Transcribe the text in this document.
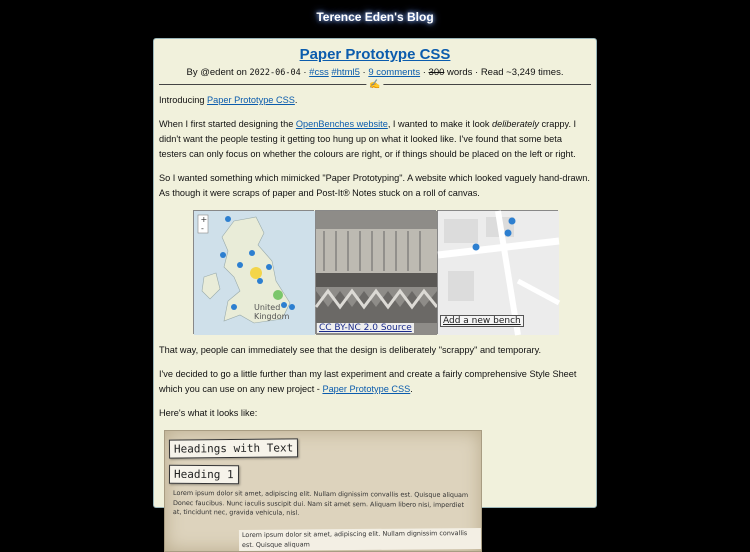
Terence Eden's Blog
Paper Prototype CSS
By @edent on 2022-06-04 · #css #html5 · 9 comments · 300 words · Read ~3,249 times.
✍

Introducing Paper Prototype CSS.

When I first started designing the OpenBenches website, I wanted to make it look deliberately crappy. I didn't want the people testing it getting too hung up on what it looked like. I've found that some beta testers can only focus on whether the colours are right, or if things should be placed on the left or right.

So I wanted something which mimicked "Paper Prototyping". A website which looked vaguely hand-drawn. As though it were scraps of paper and Post-It® Notes stuck on a roll of canvas.

+
-
United Kingdom
CC BY-NC 2.0 Source
Add a new bench

That way, people can immediately see that the design is deliberately "scrappy" and temporary.

I've decided to go a little further than my last experiment and create a fairly comprehensive Style Sheet which you can use on any new project - Paper Prototype CSS.

Here's what it looks like:

Headings with Text
Heading 1
Lorem ipsum dolor sit amet, adipiscing elit. Nullam dignissim convallis est. Quisque aliquam Donec faucibus. Nunc iaculis suscipit dui. Nam sit amet sem. Aliquam libero nisi, imperdiet at, tincidunt nec, gravida vehicula, nisl.
Lorem ipsum dolor sit amet, adipiscing elit. Nullam dignissim convallis est. Quisque aliquam
